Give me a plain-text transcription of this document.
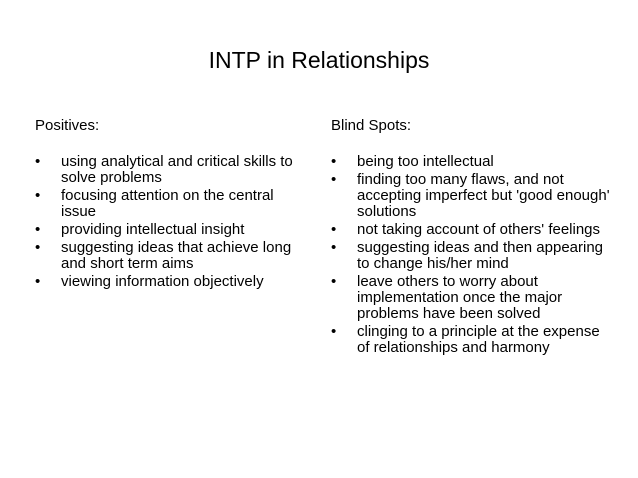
INTP in Relationships
Positives:
• using analytical and critical skills to solve problems
• focusing attention on the central issue
• providing intellectual insight
• suggesting ideas that achieve long and short term aims
• viewing information objectively
Blind Spots:
• being too intellectual
• finding too many flaws, and not accepting imperfect but 'good enough' solutions
• not taking account of others' feelings
• suggesting ideas and then appearing to change his/her mind
• leave others to worry about implementation once the major problems have been solved
• clinging to a principle at the expense of relationships and harmony
